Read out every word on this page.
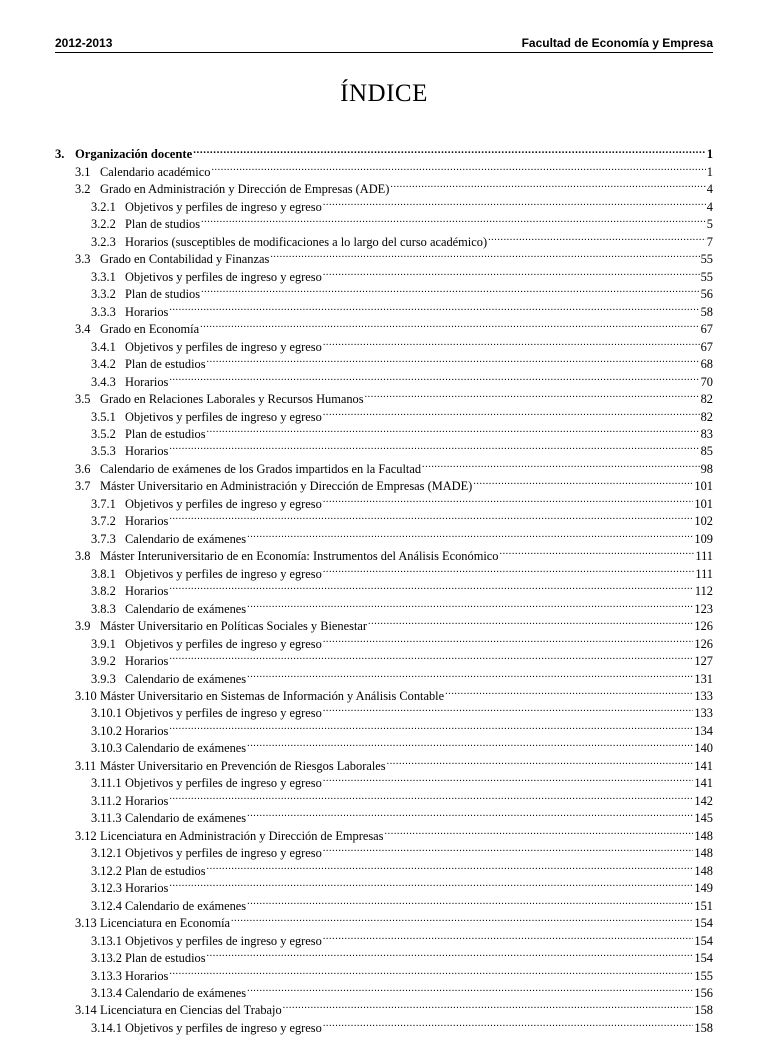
2012-2013	Facultad de Economía y Empresa
ÍNDICE
3. Organización docente .....	1
3.1 Calendario académico .....	1
3.2 Grado en Administración y Dirección de Empresas (ADE) .....	4
3.2.1 Objetivos y perfiles de ingreso y egreso .....	4
3.2.2 Plan de studios .....	5
3.2.3 Horarios (susceptibles de modificaciones a lo largo del curso académico) .....	7
3.3 Grado en Contabilidad y Finanzas .....	55
3.3.1 Objetivos y perfiles de ingreso y egreso .....	55
3.3.2 Plan de studios .....	56
3.3.3 Horarios .....	58
3.4 Grado en Economía .....	67
3.4.1 Objetivos y perfiles de ingreso y egreso .....	67
3.4.2 Plan de estudios .....	68
3.4.3 Horarios .....	70
3.5 Grado en Relaciones Laborales y Recursos Humanos .....	82
3.5.1 Objetivos y perfiles de ingreso y egreso .....	82
3.5.2 Plan de estudios .....	83
3.5.3 Horarios .....	85
3.6 Calendario de exámenes de los Grados impartidos en la Facultad .....	98
3.7 Máster Universitario en Administración y Dirección de Empresas (MADE) .....	101
3.7.1 Objetivos y perfiles de ingreso y egreso .....	101
3.7.2 Horarios .....	102
3.7.3 Calendario de exámenes .....	109
3.8 Máster Interuniversitario de en Economía: Instrumentos del Análisis Económico .....	111
3.8.1 Objetivos y perfiles de ingreso y egreso .....	111
3.8.2 Horarios .....	112
3.8.3 Calendario de exámenes .....	123
3.9 Máster Universitario en Políticas Sociales y Bienestar .....	126
3.9.1 Objetivos y perfiles de ingreso y egreso .....	126
3.9.2 Horarios .....	127
3.9.3 Calendario de exámenes .....	131
3.10 Máster Universitario en Sistemas de Información y Análisis Contable .....	133
3.10.1 Objetivos y perfiles de ingreso y egreso .....	133
3.10.2 Horarios .....	134
3.10.3 Calendario de exámenes .....	140
3.11 Máster Universitario en Prevención de Riesgos Laborales .....	141
3.11.1 Objetivos y perfiles de ingreso y egreso .....	141
3.11.2 Horarios .....	142
3.11.3 Calendario de exámenes .....	145
3.12 Licenciatura en Administración y Dirección de Empresas .....	148
3.12.1 Objetivos y perfiles de ingreso y egreso .....	148
3.12.2 Plan de estudios .....	148
3.12.3 Horarios .....	149
3.12.4 Calendario de exámenes .....	151
3.13 Licenciatura en Economía .....	154
3.13.1 Objetivos y perfiles de ingreso y egreso .....	154
3.13.2 Plan de estudios .....	154
3.13.3 Horarios .....	155
3.13.4 Calendario de exámenes .....	156
3.14 Licenciatura en Ciencias del Trabajo .....	158
3.14.1 Objetivos y perfiles de ingreso y egreso .....	158
